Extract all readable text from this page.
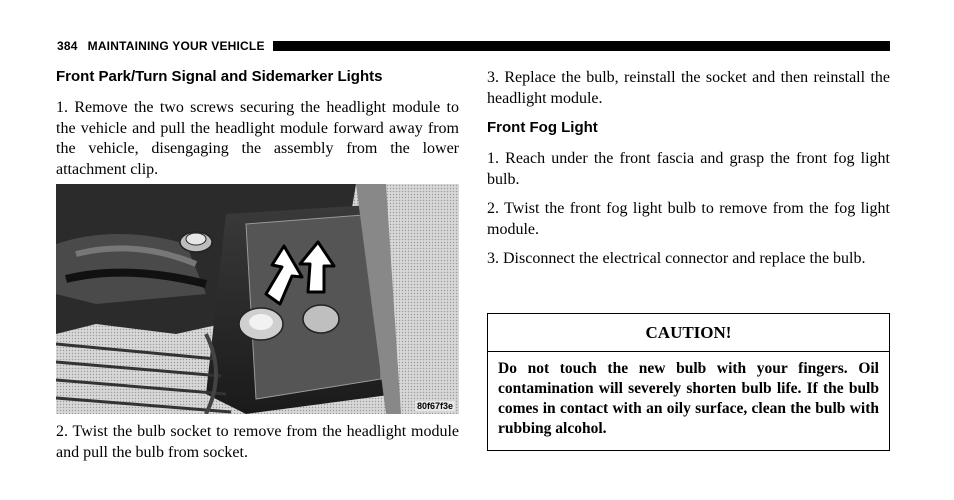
384 MAINTAINING YOUR VEHICLE
Front Park/Turn Signal and Sidemarker Lights

1. Remove the two screws securing the headlight module to the vehicle and pull the headlight module forward away from the vehicle, disengaging the assembly from the lower attachment clip.

80f67f3e

2. Twist the bulb socket to remove from the headlight module and pull the bulb from socket.

3. Replace the bulb, reinstall the socket and then reinstall the headlight module.

Front Fog Light

1. Reach under the front fascia and grasp the front fog light bulb.

2. Twist the front fog light bulb to remove from the fog light module.

3. Disconnect the electrical connector and replace the bulb.

CAUTION!
Do not touch the new bulb with your fingers. Oil contamination will severely shorten bulb life. If the bulb comes in contact with an oily surface, clean the bulb with rubbing alcohol.
